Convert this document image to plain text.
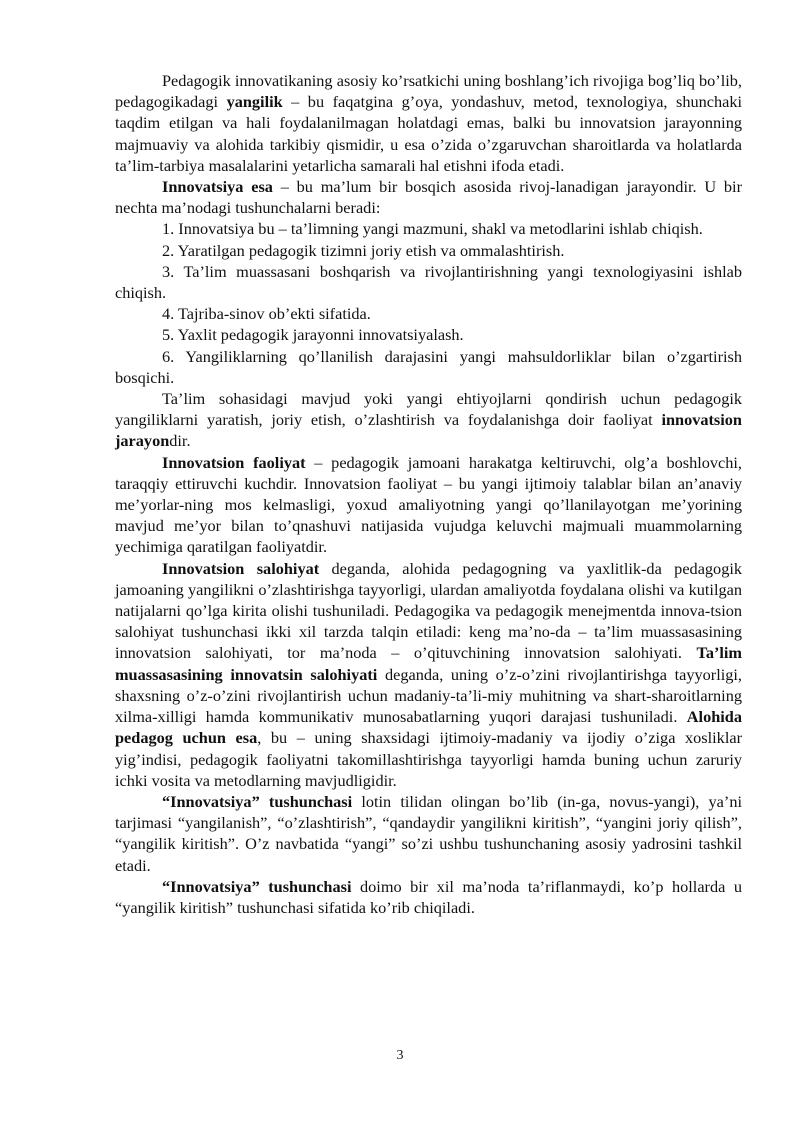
Pedagogik innovatikaning asosiy ko’rsatkichi uning boshlang’ich rivojiga bog’liq bo’lib, pedagogikadagi yangilik – bu faqatgina g’oya, yondashuv, metod, texnologiya, shunchaki taqdim etilgan va hali foydalanilmagan holatdagi emas, balki bu innovatsion jarayonning majmuaviy va alohida tarkibiy qismidir, u esa o’zida o’zgaruvchan sharoitlarda va holatlarda ta’lim-tarbiya masalalarini yetarlicha samarali hal etishni ifoda etadi.

Innovatsiya esa – bu ma’lum bir bosqich asosida rivoj-lanadigan jarayondir. U bir nechta ma’nodagi tushunchalarni beradi:

1. Innovatsiya bu – ta’limning yangi mazmuni, shakl va metodlarini ishlab chiqish.

2. Yaratilgan pedagogik tizimni joriy etish va ommalashtirish.

3. Ta’lim muassasani boshqarish va rivojlantirishning yangi texnologiyasini ishlab chiqish.

4. Tajriba-sinov ob’ekti sifatida.

5. Yaxlit pedagogik jarayonni innovatsiyalash.

6. Yangiliklarning qo’llanilish darajasini yangi mahsuldorliklar bilan o’zgartirish bosqichi.

Ta’lim sohasidagi mavjud yoki yangi ehtiyojlarni qondirish uchun pedagogik yangiliklarni yaratish, joriy etish, o’zlashtirish va foydalanishga doir faoliyat innovatsion jarayondir.

Innovatsion faoliyat – pedagogik jamoani harakatga keltiruvchi, olg’a boshlovchi, taraqqiy ettiruvchi kuchdir. Innovatsion faoliyat – bu yangi ijtimoiy talablar bilan an’anaviy me’yorlar-ning mos kelmasligi, yoxud amaliyotning yangi qo’llanilayotgan me’yorining mavjud me’yor bilan to’qnashuvi natijasida vujudga keluvchi majmuali muammolarning yechimiga qaratilgan faoliyatdir.

Innovatsion salohiyat deganda, alohida pedagogning va yaxlitlik-da pedagogik jamoaning yangilikni o’zlashtirishga tayyorligi, ulardan amaliyotda foydalana olishi va kutilgan natijalarni qo’lga kirita olishi tushuniladi. Pedagogika va pedagogik menejmentda innova-tsion salohiyat tushunchasi ikki xil tarzda talqin etiladi: keng ma’no-da – ta’lim muassasasining innovatsion salohiyati, tor ma’noda – o’qituvchining innovatsion salohiyati. Ta’lim muassasasining innovatsin salohiyati deganda, uning o’z-o’zini rivojlantirishga tayyorligi, shaxsning o’z-o’zini rivojlantirish uchun madaniy-ta’li-miy muhitning va shart-sharoitlarning xilma-xilligi hamda kommunikativ munosabatlarning yuqori darajasi tushuniladi. Alohida pedagog uchun esa, bu – uning shaxsidagi ijtimoiy-madaniy va ijodiy o’ziga xosliklar yig’indisi, pedagogik faoliyatni takomillashtirishga tayyorligi hamda buning uchun zaruriy ichki vosita va metodlarning mavjudligidir.

“Innovatsiya” tushunchasi lotin tilidan olingan bo’lib (in-ga, novus-yangi), ya’ni tarjimasi “yangilanish”, “o’zlashtirish”, “qandaydir yangilikni kiritish”, “yangini joriy qilish”, “yangilik kiritish”. O’z navbatida “yangi” so’zi ushbu tushunchaning asosiy yadrosini tashkil etadi.

“Innovatsiya” tushunchasi doimo bir xil ma’noda ta’riflanmaydi, ko’p hollarda u “yangilik kiritish” tushunchasi sifatida ko’rib chiqiladi.

3
